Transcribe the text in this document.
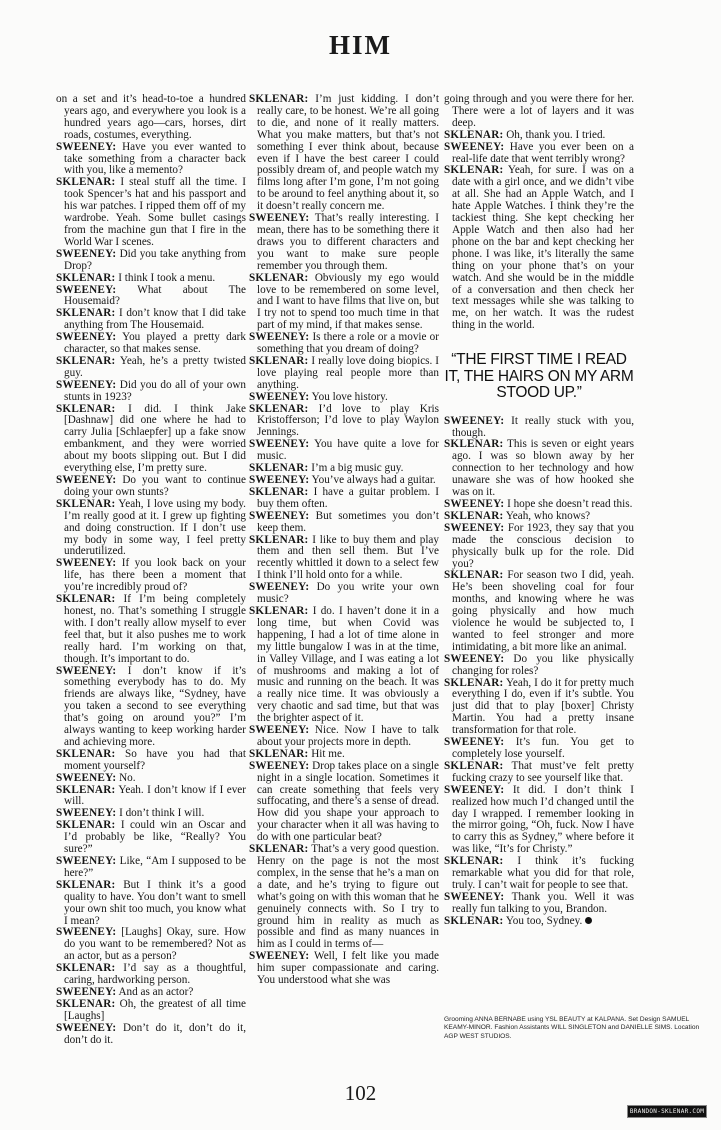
HIM

on a set and it’s head-to-toe a hundred years ago, and everywhere you look is a hundred years ago—cars, horses, dirt roads, costumes, everything.

SWEENEY: Have you ever wanted to take something from a character back with you, like a memento?

SKLENAR: I steal stuff all the time. I took Spencer’s hat and his passport and his war patches. I ripped them off of my wardrobe. Yeah. Some bullet casings from the machine gun that I fire in the World War I scenes.

SWEENEY: Did you take anything from Drop?

SKLENAR: I think I took a menu.

SWEENEY: What about The Housemaid?

SKLENAR: I don’t know that I did take anything from The Housemaid.

SWEENEY: You played a pretty dark character, so that makes sense.

SKLENAR: Yeah, he’s a pretty twisted guy.

SWEENEY: Did you do all of your own stunts in 1923?

SKLENAR: I did. I think Jake [Dashnaw] did one where he had to carry Julia [Schlaepfer] up a fake snow embankment, and they were worried about my boots slipping out. But I did everything else, I’m pretty sure.

SWEENEY: Do you want to continue doing your own stunts?

SKLENAR: Yeah, I love using my body. I’m really good at it. I grew up fighting and doing construction. If I don’t use my body in some way, I feel pretty underutilized.

SWEENEY: If you look back on your life, has there been a moment that you’re incredibly proud of?

SKLENAR: If I’m being completely honest, no. That’s something I struggle with. I don’t really allow myself to ever feel that, but it also pushes me to work really hard. I’m working on that, though. It’s important to do.

SWEENEY: I don’t know if it’s something everybody has to do. My friends are always like, “Sydney, have you taken a second to see everything that’s going on around you?” I’m always wanting to keep working harder and achieving more.

SKLENAR: So have you had that moment yourself?

SWEENEY: No.

SKLENAR: Yeah. I don’t know if I ever will.

SWEENEY: I don’t think I will.

SKLENAR: I could win an Oscar and I’d probably be like, “Really? You sure?”

SWEENEY: Like, “Am I supposed to be here?”

SKLENAR: But I think it’s a good quality to have. You don’t want to smell your own shit too much, you know what I mean?

SWEENEY: [Laughs] Okay, sure. How do you want to be remembered? Not as an actor, but as a person?

SKLENAR: I’d say as a thoughtful, caring, hardworking person.

SWEENEY: And as an actor?

SKLENAR: Oh, the greatest of all time [Laughs]

SWEENEY: Don’t do it, don’t do it, don’t do it.

SKLENAR: I’m just kidding. I don’t really care, to be honest. We’re all going to die, and none of it really matters. What you make matters, but that’s not something I ever think about, because even if I have the best career I could possibly dream of, and people watch my films long after I’m gone, I’m not going to be around to feel anything about it, so it doesn’t really concern me.

SWEENEY: That’s really interesting. I mean, there has to be something there it draws you to different characters and you want to make sure people remember you through them.

SKLENAR: Obviously my ego would love to be remembered on some level, and I want to have films that live on, but I try not to spend too much time in that part of my mind, if that makes sense.

SWEENEY: Is there a role or a movie or something that you dream of doing?

SKLENAR: I really love doing biopics. I love playing real people more than anything.

SWEENEY: You love history.

SKLENAR: I’d love to play Kris Kristofferson; I’d love to play Waylon Jennings.

SWEENEY: You have quite a love for music.

SKLENAR: I’m a big music guy.

SWEENEY: You’ve always had a guitar.

SKLENAR: I have a guitar problem. I buy them often.

SWEENEY: But sometimes you don’t keep them.

SKLENAR: I like to buy them and play them and then sell them. But I’ve recently whittled it down to a select few I think I’ll hold onto for a while.

SWEENEY: Do you write your own music?

SKLENAR: I do. I haven’t done it in a long time, but when Covid was happening, I had a lot of time alone in my little bungalow I was in at the time, in Valley Village, and I was eating a lot of mushrooms and making a lot of music and running on the beach. It was a really nice time. It was obviously a very chaotic and sad time, but that was the brighter aspect of it.

SWEENEY: Nice. Now I have to talk about your projects more in depth.

SKLENAR: Hit me.

SWEENEY: Drop takes place on a single night in a single location. Sometimes it can create something that feels very suffocating, and there’s a sense of dread. How did you shape your approach to your character when it all was having to do with one particular beat?

SKLENAR: That’s a very good question. Henry on the page is not the most complex, in the sense that he’s a man on a date, and he’s trying to figure out what’s going on with this woman that he genuinely connects with. So I try to ground him in reality as much as possible and find as many nuances in him as I could in terms of—

SWEENEY: Well, I felt like you made him super compassionate and caring. You understood what she was

going through and you were there for her. There were a lot of layers and it was deep.

SKLENAR: Oh, thank you. I tried.

SWEENEY: Have you ever been on a real-life date that went terribly wrong?

SKLENAR: Yeah, for sure. I was on a date with a girl once, and we didn’t vibe at all. She had an Apple Watch, and I hate Apple Watches. I think they’re the tackiest thing. She kept checking her Apple Watch and then also had her phone on the bar and kept checking her phone. I was like, it’s literally the same thing on your phone that’s on your watch. And she would be in the middle of a conversation and then check her text messages while she was talking to me, on her watch. It was the rudest thing in the world.

“THE FIRST TIME I READ IT, THE HAIRS ON MY ARM STOOD UP.”

SWEENEY: It really stuck with you, though.

SKLENAR: This is seven or eight years ago. I was so blown away by her connection to her technology and how unaware she was of how hooked she was on it.

SWEENEY: I hope she doesn’t read this.

SKLENAR: Yeah, who knows?

SWEENEY: For 1923, they say that you made the conscious decision to physically bulk up for the role. Did you?

SKLENAR: For season two I did, yeah. He’s been shoveling coal for four months, and knowing where he was going physically and how much violence he would be subjected to, I wanted to feel stronger and more intimidating, a bit more like an animal.

SWEENEY: Do you like physically changing for roles?

SKLENAR: Yeah, I do it for pretty much everything I do, even if it’s subtle. You just did that to play [boxer] Christy Martin. You had a pretty insane transformation for that role.

SWEENEY: It’s fun. You get to completely lose yourself.

SKLENAR: That must’ve felt pretty fucking crazy to see yourself like that.

SWEENEY: It did. I don’t think I realized how much I’d changed until the day I wrapped. I remember looking in the mirror going, “Oh, fuck. Now I have to carry this as Sydney,” where before it was like, “It’s for Christy.”

SKLENAR: I think it’s fucking remarkable what you did for that role, truly. I can’t wait for people to see that.

SWEENEY: Thank you. Well it was really fun talking to you, Brandon.

SKLENAR: You too, Sydney.

Grooming ANNA BERNABE using YSL BEAUTY at KALPANA. Set Design SAMUEL KEAMY-MINOR. Fashion Assistants WILL SINGLETON and DANIELLE SIMS. Location AGP WEST STUDIOS.
102
BRANDON-SKLENAR.COM
